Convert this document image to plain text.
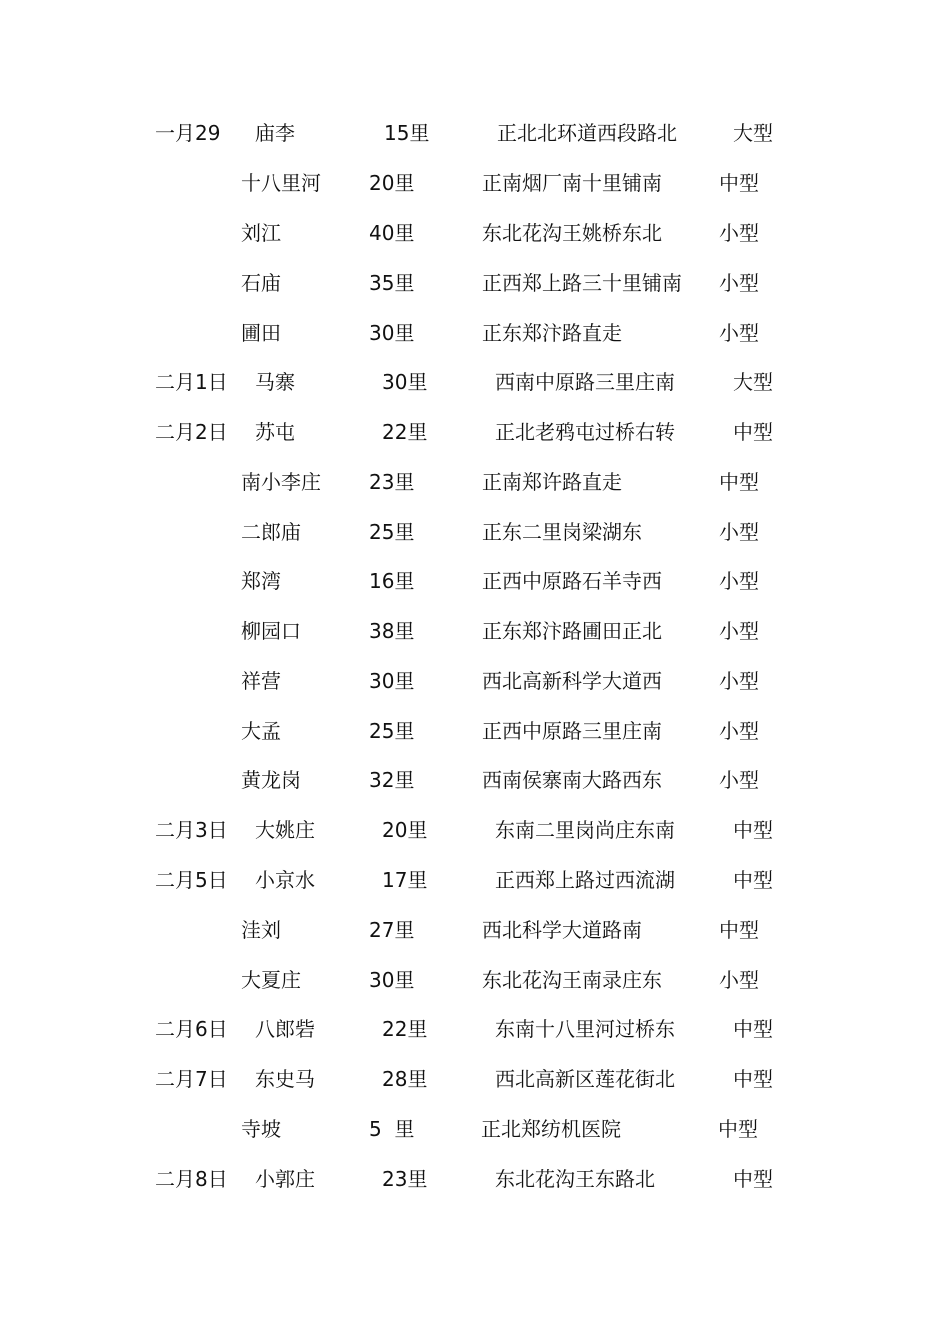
一月29 庙李	15里	正北北环道西段路北	大型
十八里河 20里	正南烟厂南十里铺南	中型
刘江	40里	东北花沟王姚桥东北	小型
石庙	35里	正西郑上路三十里铺南 小型
圃田	30里	正东郑汴路直走	小型
二月1日 马寨	30里	西南中原路三里庄南	大型
二月2日 苏屯	22里	正北老鸦屯过桥右转	中型
南小李庄 23里	正南郑许路直走	中型
二郎庙	25里	正东二里岗梁湖东	小型
郑湾	16里	正西中原路石羊寺西	小型
柳园口	38里	正东郑汴路圃田正北	小型
祥营	30里	西北高新科学大道西	小型
大孟	25里	正西中原路三里庄南	小型
黄龙岗	32里	西南侯寨南大路西东	小型
二月3日 大姚庄	20里	东南二里岗尚庄东南	中型
二月5日 小京水	17里	正西郑上路过西流湖	中型
洼刘	27里	西北科学大道路南	中型
大夏庄	30里	东北花沟王南录庄东	小型
二月6日 八郎砦	22里	东南十八里河过桥东	中型
二月7日 东史马	28里	西北高新区莲花街北	中型
寺坡	5  里	正北郑纺机医院	中型
二月8日 小郭庄	23里	东北花沟王东路北	中型
